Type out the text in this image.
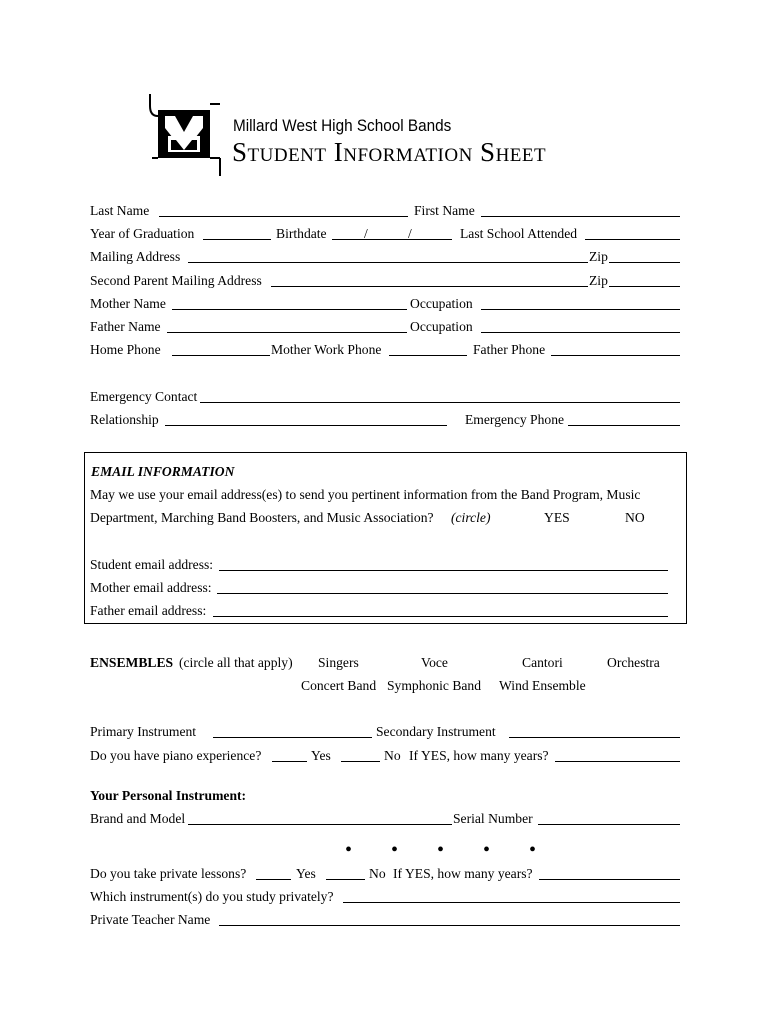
Millard West High School Bands
Student Information Sheet
Last Name	First Name
Year of Graduation	Birthdate	/	/	Last School Attended
Mailing Address	Zip
Second Parent Mailing Address	Zip
Mother Name	Occupation
Father Name	Occupation
Home Phone	Mother Work Phone	Father Phone
Emergency Contact
Relationship	Emergency Phone
EMAIL INFORMATION
May we use your email address(es) to send you pertinent information from the Band Program, Music
Department, Marching Band Boosters, and Music Association? (circle)	YES	NO
Student email address:
Mother email address:
Father email address:
ENSEMBLES (circle all that apply) Singers	Voce	Cantori	Orchestra
Concert Band Symphonic Band Wind Ensemble
Primary Instrument	Secondary Instrument
Do you have piano experience?	Yes	No If YES, how many years?
Your Personal Instrument:
Brand and Model	Serial Number
• • • • •
Do you take private lessons?	Yes	No If YES, how many years?
Which instrument(s) do you study privately?
Private Teacher Name
